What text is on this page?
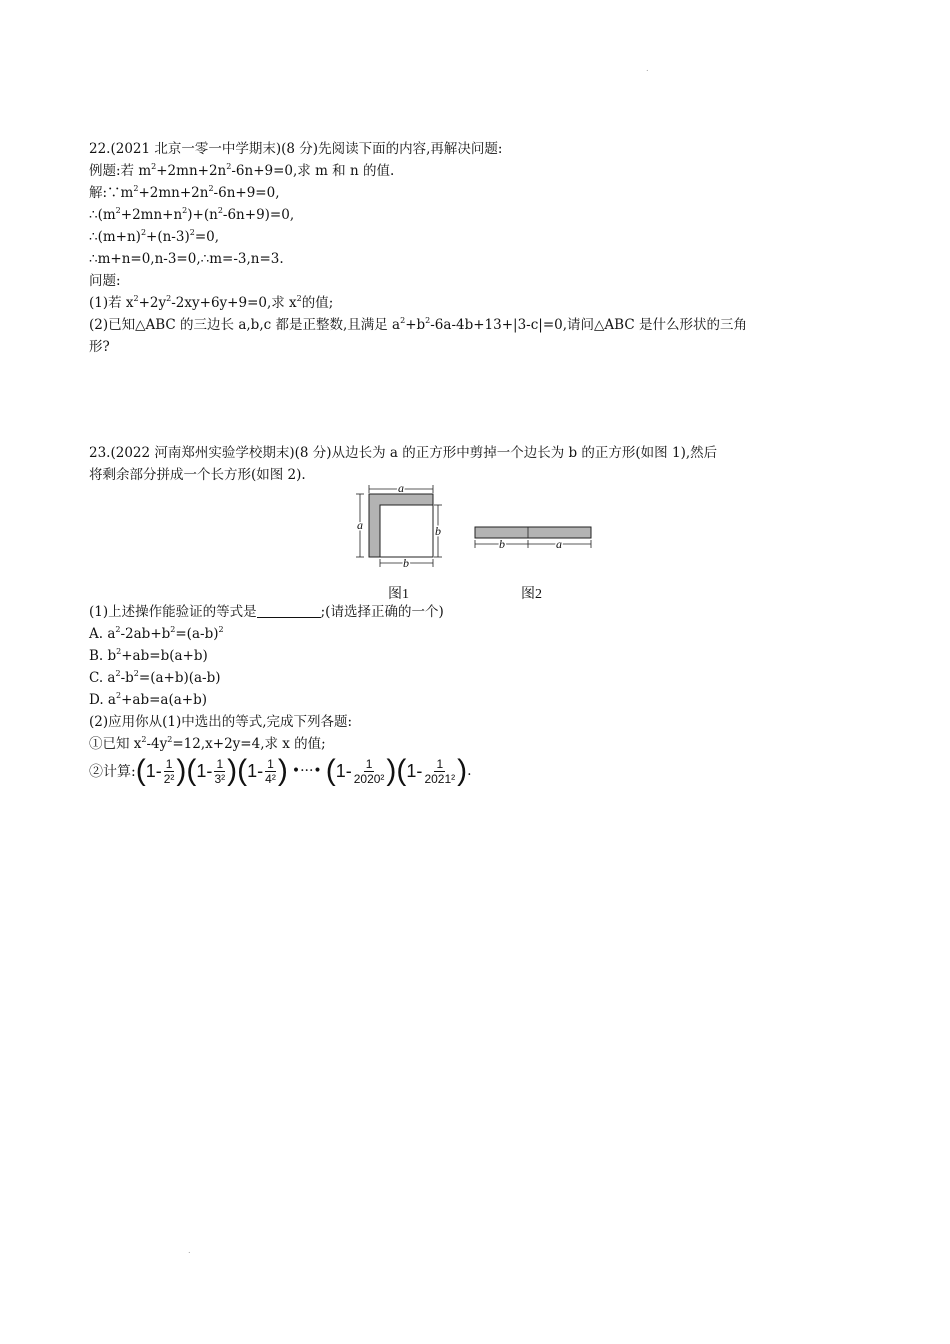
.
22.(2021 北京一零一中学期末)(8 分)先阅读下面的内容,再解决问题:
例题:若 $m^2+2mn+2n^2-6n+9=0$,求 m 和 n 的值.
解$:\because m^2+2mn+2n^2-6n+9=0$,
$\therefore(m^2+2mn+n^2)+(n^2-6n+9)=0$,
$\therefore(m+n)^2+(n-3)^2=0$,
∴m+n=0,n-3=0,∴m=-3,n=3.
问题:
(1)若 $x^2+2y^2-2xy+6y+9=0$,求 $x^2$的值;
(2)已知△ABC 的三边长 a,b,c 都是正整数,且满足 $a^2+b^2-6a-4b+13+|3-c|=0$,请问△ABC 是什么形状的三角
形?
23.(2022 河南郑州实验学校期末)(8 分)从边长为 a 的正方形中剪掉一个边长为 b 的正方形(如图 1),然后
将剩余部分拼成一个长方形(如图 2).
a
a	b
b
b	a
图1	图2
(1)上述操作能验证的等式是	;(请选择正确的一个)
A. $a^2-2ab+b^2=(a-b)^2$
B. $b^2+ab=b(a+b)$
C. $a^2-b^2=(a+b)(a-b)$
D. $a^2+ab=a(a+b)$
(2)应用你从(1)中选出的等式,完成下列各题:
①已知 $x^2-4y^2=12,x+2y=4$,求 x 的值;
②计算: ( $1- \frac{1}{\text{2²}}$ ) ( $1- \frac{1}{\text{3²}}$ ) ( $1- \frac{1}{\text{4²}}$ ) •···• ( $1- \frac{1}{\text{2020²}}$ ) ( $1- \frac{1}{\text{2021²}}$ ) .
.
